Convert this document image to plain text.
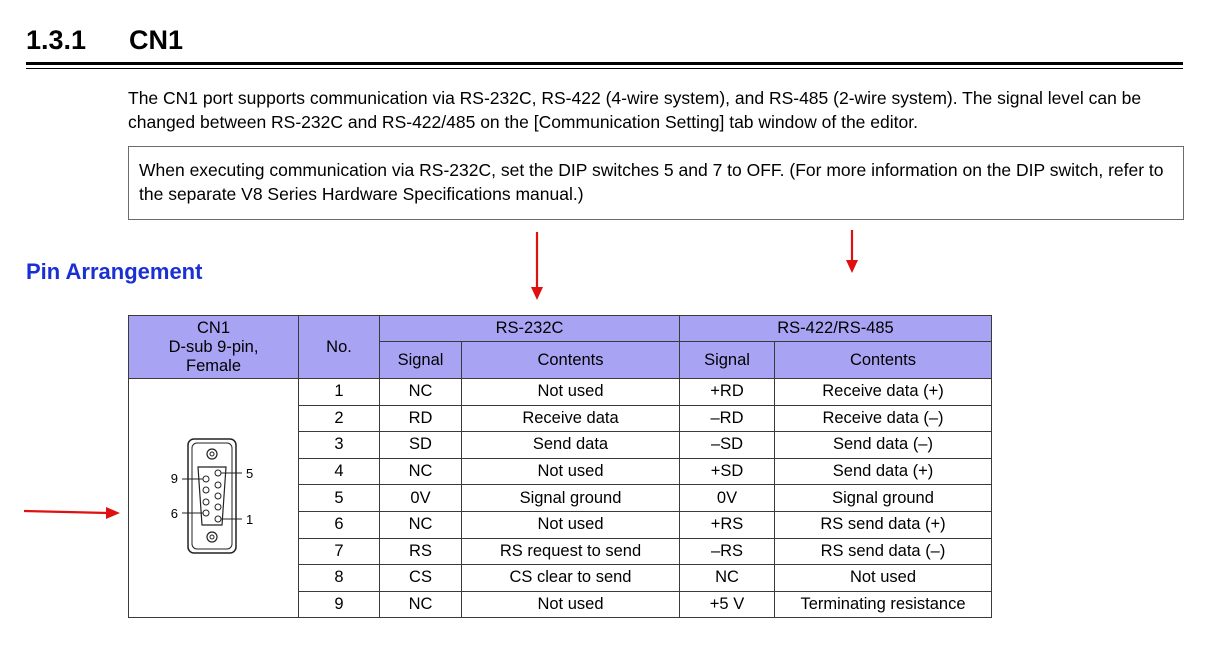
1.3.1 CN1

The CN1 port supports communication via RS-232C, RS-422 (4-wire system), and RS-485 (2-wire system). The signal level can be changed between RS-232C and RS-422/485 on the [Communication Setting] tab window of the editor.

When executing communication via RS-232C, set the DIP switches 5 and 7 to OFF. (For more information on the DIP switch, refer to the separate V8 Series Hardware Specifications manual.)
Pin Arrangement
CN1
D-sub 9-pin,
Female	No.	RS-232C		RS-422/RS-485	
		Signal	Contents	Signal	Contents

9 5
6 1	1	NC	Not used	+RD	Receive data (+)
	2	RD	Receive data	–RD	Receive data (–)
	3	SD	Send data	–SD	Send data (–)
	4	NC	Not used	+SD	Send data (+)
	5	0V	Signal ground	0V	Signal ground
	6	NC	Not used	+RS	RS send data (+)
	7	RS	RS request to send	–RS	RS send data (–)
	8	CS	CS clear to send	NC	Not used
	9	NC	Not used	+5 V	Terminating resistance
